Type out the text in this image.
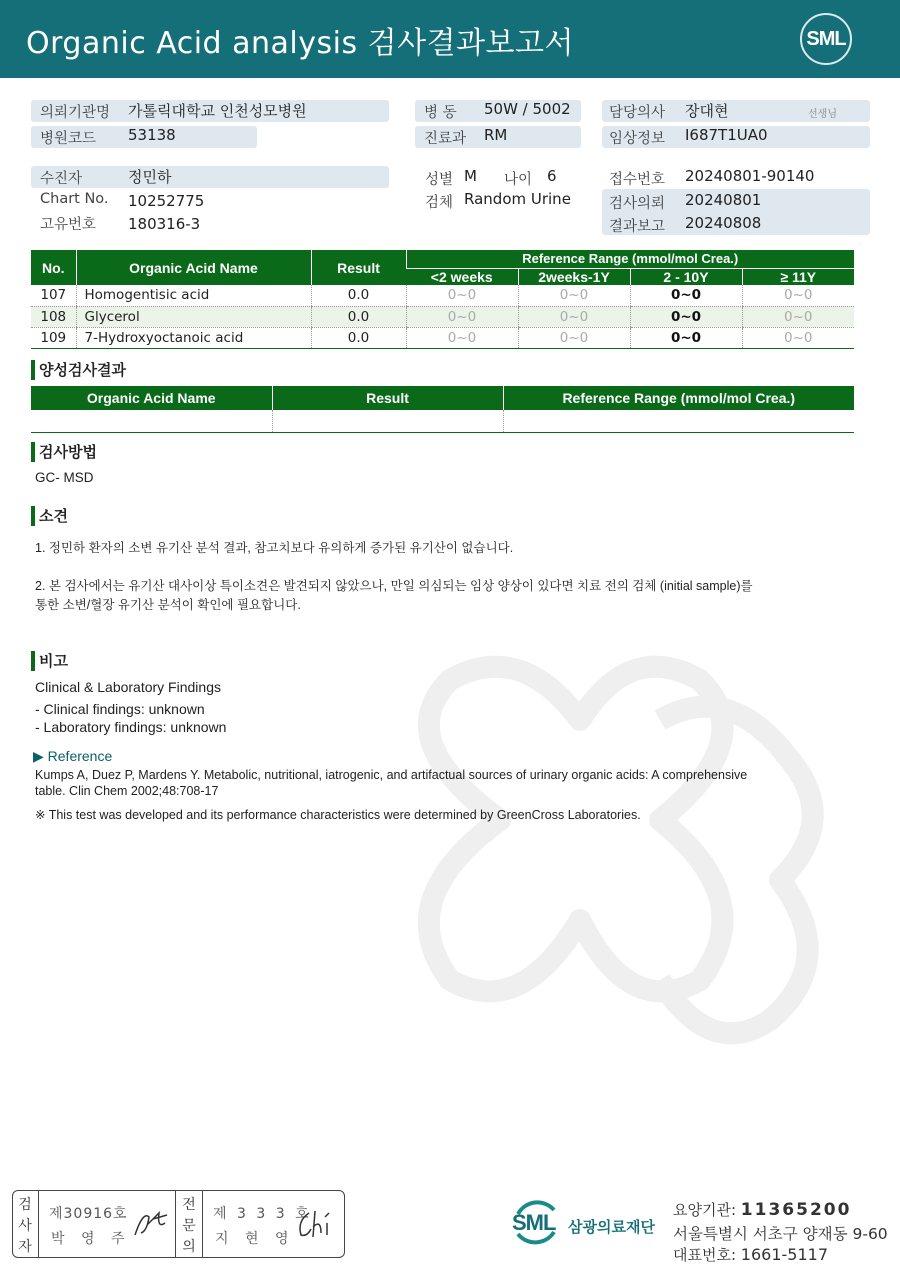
Organic Acid analysis 검사결과보고서	SML
의뢰기관명 가톨릭대학교 인천성모병원
병원코드 53138
병 동 50W / 5002
진료과 RM
담당의사 장대현	선생님
임상정보 I687T1UA0
수진자	정민하
Chart No. 10252775
고유번호 180316-3
성별 M 나이 6
검체 Random Urine
접수번호 20240801-90140
검사의뢰 20240801
결과보고 20240808
No.	Organic Acid Name	Result	Reference Range (mmol/mol Crea.)			
			<2 weeks	2weeks-1Y	2 - 10Y	≥ 11Y
107	Homogentisic acid	0.0	0~0	0~0	0~0	0~0
108	Glycerol	0.0	0~0	0~0	0~0	0~0
109	7-Hydroxyoctanoic acid	0.0	0~0	0~0	0~0	0~0
양성검사결과
Organic Acid Name	Result	Reference Range (mmol/mol Crea.)

검사방법
GC- MSD
소견
1. 정민하 환자의 소변 유기산 분석 결과, 참고치보다 유의하게 증가된 유기산이 없습니다.
2. 본 검사에서는 유기산 대사이상 특이소견은 발견되지 않았으나, 만일 의심되는 임상 양상이 있다면 치료 전의 검체 (initial sample)를
통한 소변/혈장 유기산 분석이 확인에 필요합니다.
비고
Clinical & Laboratory Findings
- Clinical findings: unknown
- Laboratory findings: unknown
▶ Reference
Kumps A, Duez P, Mardens Y. Metabolic, nutritional, iatrogenic, and artifactual sources of urinary organic acids: A comprehensive
table. Clin Chem 2002;48:708-17
※ This test was developed and its performance characteristics were determined by GreenCross Laboratories.
검
사
자
제30916호
박 영 주
전
문
의
제 3 3 3 호
지 현 영
SML 삼광의료재단
요양기관: 11365200
서울특별시 서초구 양재동 9-60
대표번호: 1661-5117
